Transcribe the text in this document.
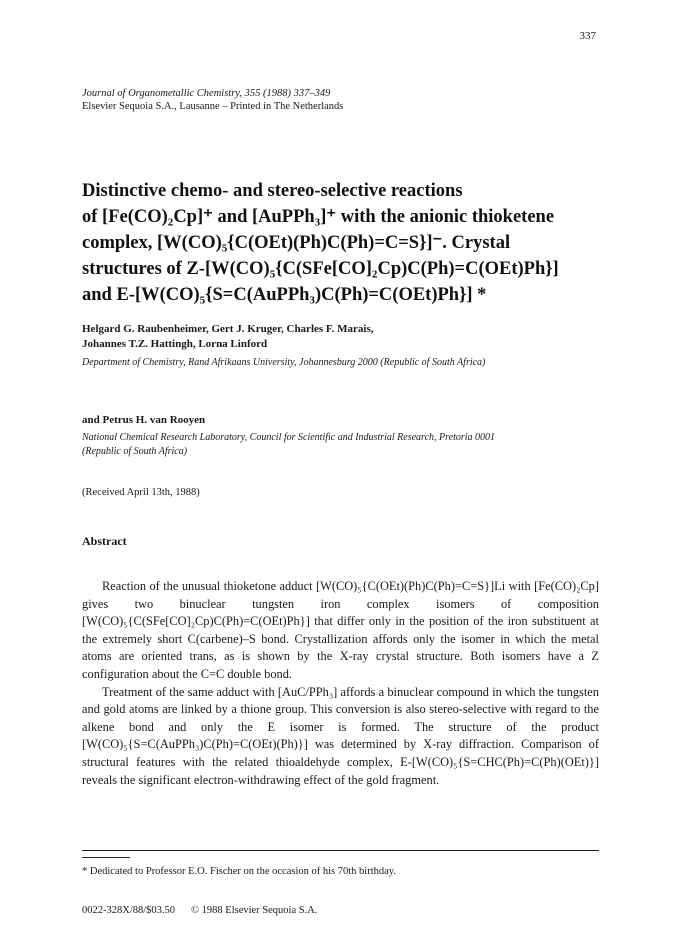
337
Journal of Organometallic Chemistry, 355 (1988) 337–349
Elsevier Sequoia S.A., Lausanne – Printed in The Netherlands
Distinctive chemo- and stereo-selective reactions
of [Fe(CO)₂Cp]⁺ and [AuPPh₃]⁺ with the anionic thioketene
complex, [W(CO)₅{C(OEt)(Ph)C(Ph)=C=S}]⁻. Crystal
structures of Z-[W(CO)₅{C(SFe[CO]₂Cp)C(Ph)=C(OEt)Ph}]
and E-[W(CO)₅{S=C(AuPPh₃)C(Ph)=C(OEt)Ph}] *
Helgard G. Raubenheimer, Gert J. Kruger, Charles F. Marais,
Johannes T.Z. Hattingh, Lorna Linford
Department of Chemistry, Rand Afrikaans University, Johannesburg 2000 (Republic of South Africa)
and Petrus H. van Rooyen
National Chemical Research Laboratory, Council for Scientific and Industrial Research, Pretoria 0001
(Republic of South Africa)
(Received April 13th, 1988)
Abstract

Reaction of the unusual thioketone adduct [W(CO)₅{C(OEt)(Ph)C(Ph)=C=S}]Li with [Fe(CO)₂Cp] gives two binuclear tungsten iron complex isomers of composition [W(CO)₅{C(SFe[CO]₂Cp)C(Ph)=C(OEt)Ph}] that differ only in the position of the iron substituent at the extremely short C(carbene)–S bond. Crystallization affords only the isomer in which the metal atoms are oriented trans, as is shown by the X-ray crystal structure. Both isomers have a Z configuration about the C=C double bond.

Treatment of the same adduct with [AuC/PPh₃] affords a binuclear compound in which the tungsten and gold atoms are linked by a thione group. This conversion is also stereo-selective with regard to the alkene bond and only the E isomer is formed. The structure of the product [W(CO)₅{S=C(AuPPh₃)C(Ph)=C(OEt)(Ph)}] was determined by X-ray diffraction. Comparison of structural features with the related thioaldehyde complex, E-[W(CO)₅{S=CHC(Ph)=C(Ph)(OEt)}] reveals the significant electron-withdrawing effect of the gold fragment.

* Dedicated to Professor E.O. Fischer on the occasion of his 70th birthday.
0022-328X/88/$03.50 © 1988 Elsevier Sequoia S.A.
